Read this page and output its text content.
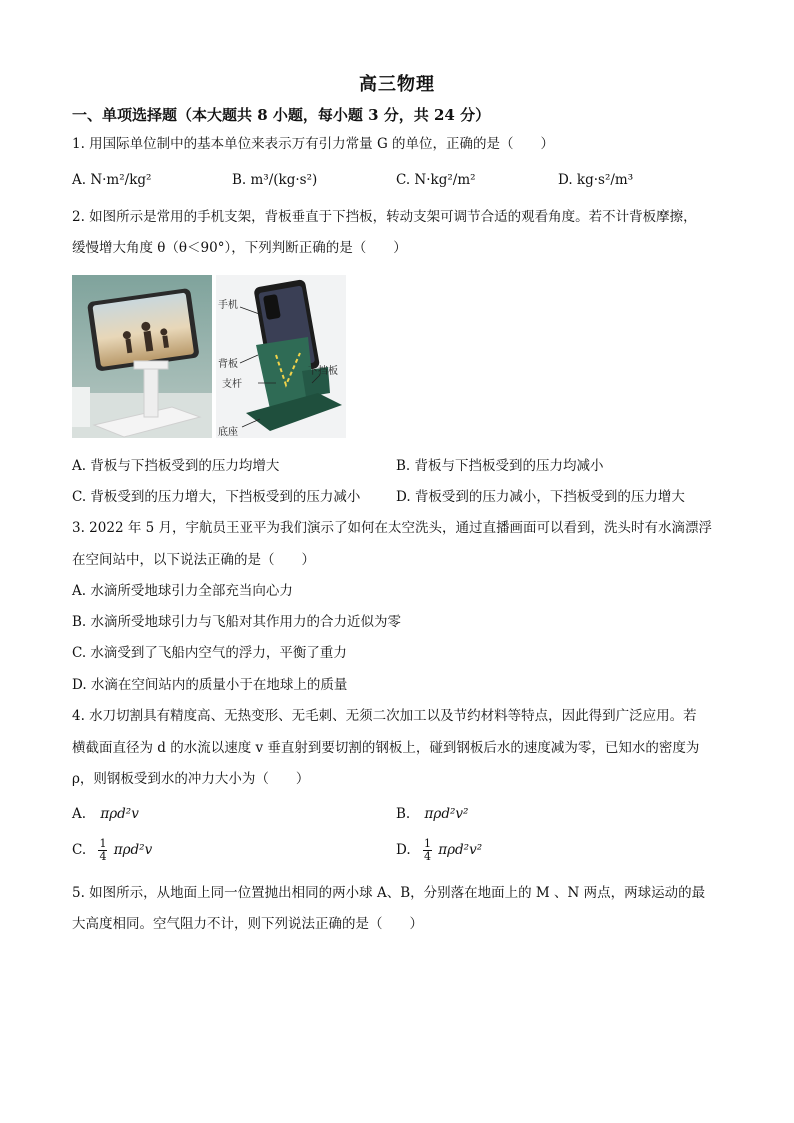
高三物理
一、单项选择题（本大题共 8 小题，每小题 3 分，共 24 分）
1. 用国际单位制中的基本单位来表示万有引力常量 G 的单位，正确的是（　　）
A. N·m²/kg²	B. m³/(kg·s²)	C. N·kg²/m²	D. kg·s²/m³
2. 如图所示是常用的手机支架，背板垂直于下挡板，转动支架可调节合适的观看角度。若不计背板摩擦，
缓慢增大角度 θ（θ＜90°），下列判断正确的是（　　）
手机
背板
下挡板
支杆
底座
A. 背板与下挡板受到的压力均增大	B. 背板与下挡板受到的压力均减小
C. 背板受到的压力增大，下挡板受到的压力减小	D. 背板受到的压力减小，下挡板受到的压力增大
3. 2022 年 5 月，宇航员王亚平为我们演示了如何在太空洗头，通过直播画面可以看到，洗头时有水滴漂浮
在空间站中，以下说法正确的是（　　）
A. 水滴所受地球引力全部充当向心力
B. 水滴所受地球引力与飞船对其作用力的合力近似为零
C. 水滴受到了飞船内空气的浮力，平衡了重力
D. 水滴在空间站内的质量小于在地球上的质量
4. 水刀切割具有精度高、无热变形、无毛刺、无须二次加工以及节约材料等特点，因此得到广泛应用。若
横截面直径为 d 的水流以速度 v 垂直射到要切割的钢板上，碰到钢板后水的速度减为零，已知水的密度为
ρ，则钢板受到水的冲力大小为（　　）
A. πρd²v	B. πρd²v²
C. $\frac{1}{4} \pi\rho d^2v$	D. $\frac{1}{4} \pi\rho d^2v^2$
5. 如图所示，从地面上同一位置抛出相同的两小球 A、B，分别落在地面上的 M 、N 两点，两球运动的最
大高度相同。空气阻力不计，则下列说法正确的是（　　）
